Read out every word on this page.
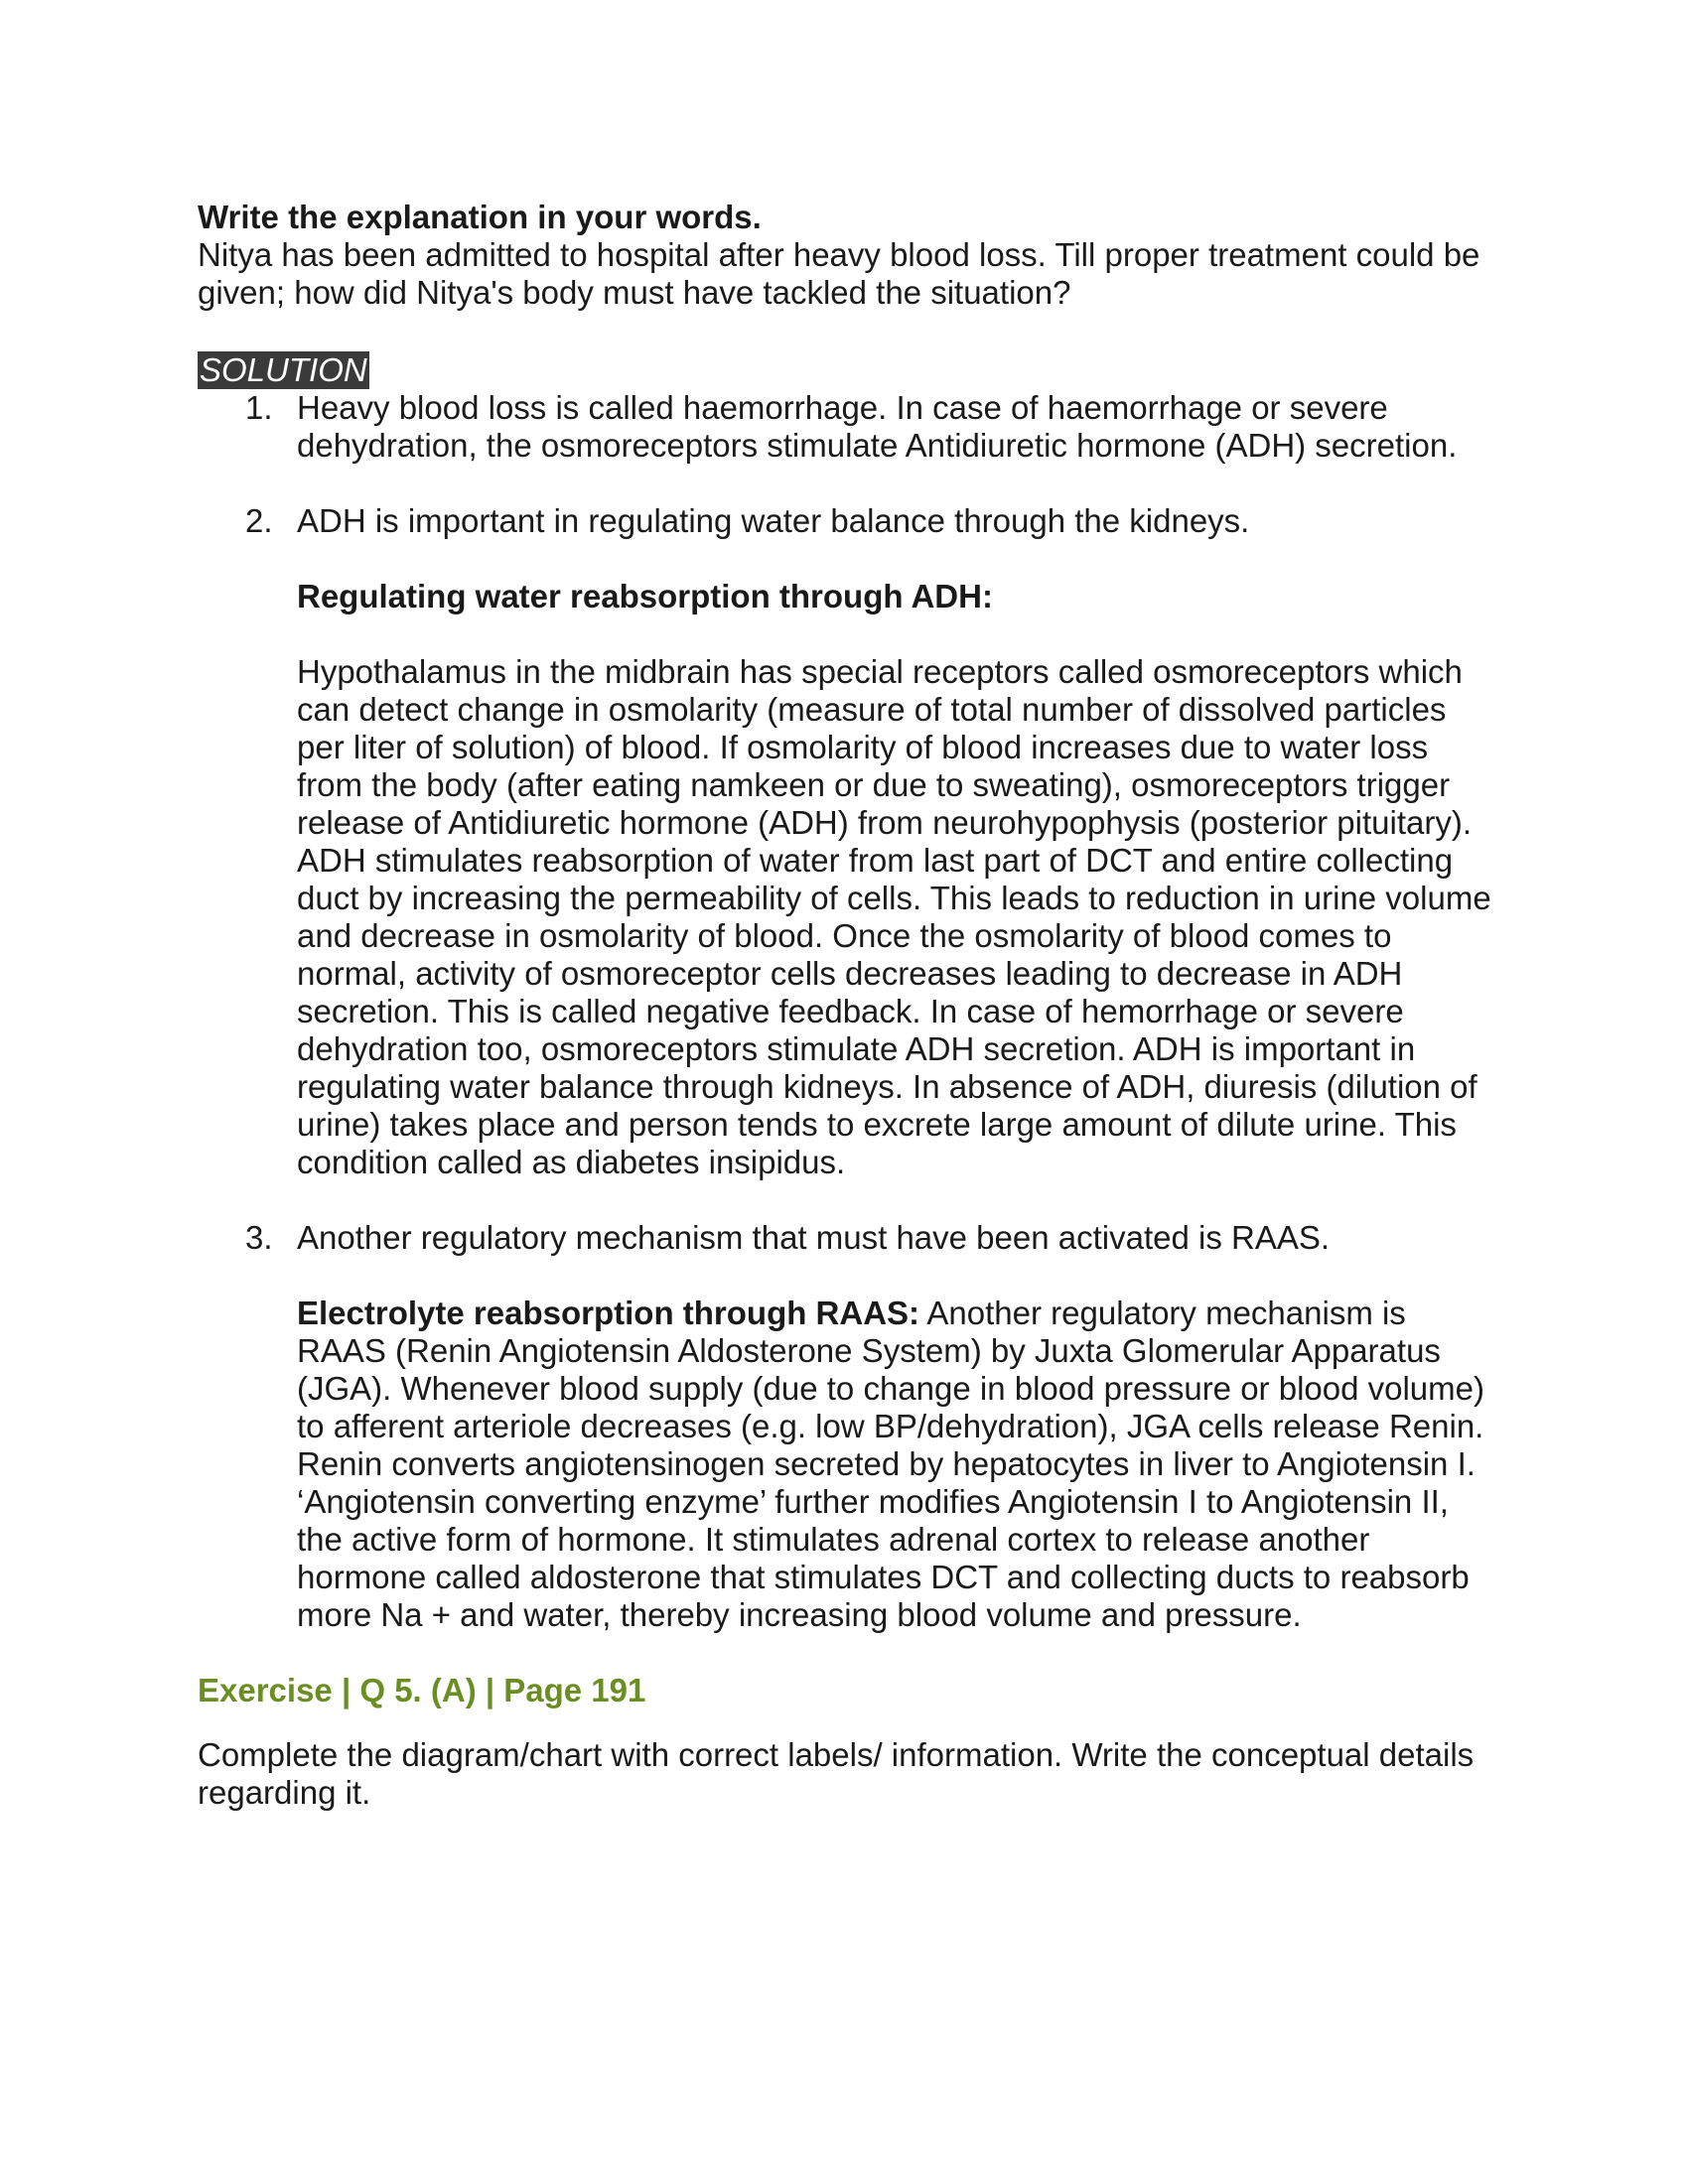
Write the explanation in your words.

Nitya has been admitted to hospital after heavy blood loss. Till proper treatment could be given; how did Nitya's body must have tackled the situation?

SOLUTION
1. Heavy blood loss is called haemorrhage. In case of haemorrhage or severe dehydration, the osmoreceptors stimulate Antidiuretic hormone (ADH) secretion.

2. ADH is important in regulating water balance through the kidneys.

Regulating water reabsorption through ADH:

Hypothalamus in the midbrain has special receptors called osmoreceptors which can detect change in osmolarity (measure of total number of dissolved particles per liter of solution) of blood. If osmolarity of blood increases due to water loss from the body (after eating namkeen or due to sweating), osmoreceptors trigger release of Antidiuretic hormone (ADH) from neurohypophysis (posterior pituitary). ADH stimulates reabsorption of water from last part of DCT and entire collecting duct by increasing the permeability of cells. This leads to reduction in urine volume and decrease in osmolarity of blood. Once the osmolarity of blood comes to normal, activity of osmoreceptor cells decreases leading to decrease in ADH secretion. This is called negative feedback. In case of hemorrhage or severe dehydration too, osmoreceptors stimulate ADH secretion. ADH is important in regulating water balance through kidneys. In absence of ADH, diuresis (dilution of urine) takes place and person tends to excrete large amount of dilute urine. This condition called as diabetes insipidus.

3. Another regulatory mechanism that must have been activated is RAAS.

Electrolyte reabsorption through RAAS: Another regulatory mechanism is RAAS (Renin Angiotensin Aldosterone System) by Juxta Glomerular Apparatus (JGA). Whenever blood supply (due to change in blood pressure or blood volume) to afferent arteriole decreases (e.g. low BP/dehydration), JGA cells release Renin. Renin converts angiotensinogen secreted by hepatocytes in liver to Angiotensin I. ‘Angiotensin converting enzyme’ further modifies Angiotensin I to Angiotensin II, the active form of hormone. It stimulates adrenal cortex to release another hormone called aldosterone that stimulates DCT and collecting ducts to reabsorb more Na + and water, thereby increasing blood volume and pressure.

Exercise | Q 5. (A) | Page 191

Complete the diagram/chart with correct labels/ information. Write the conceptual details regarding it.
